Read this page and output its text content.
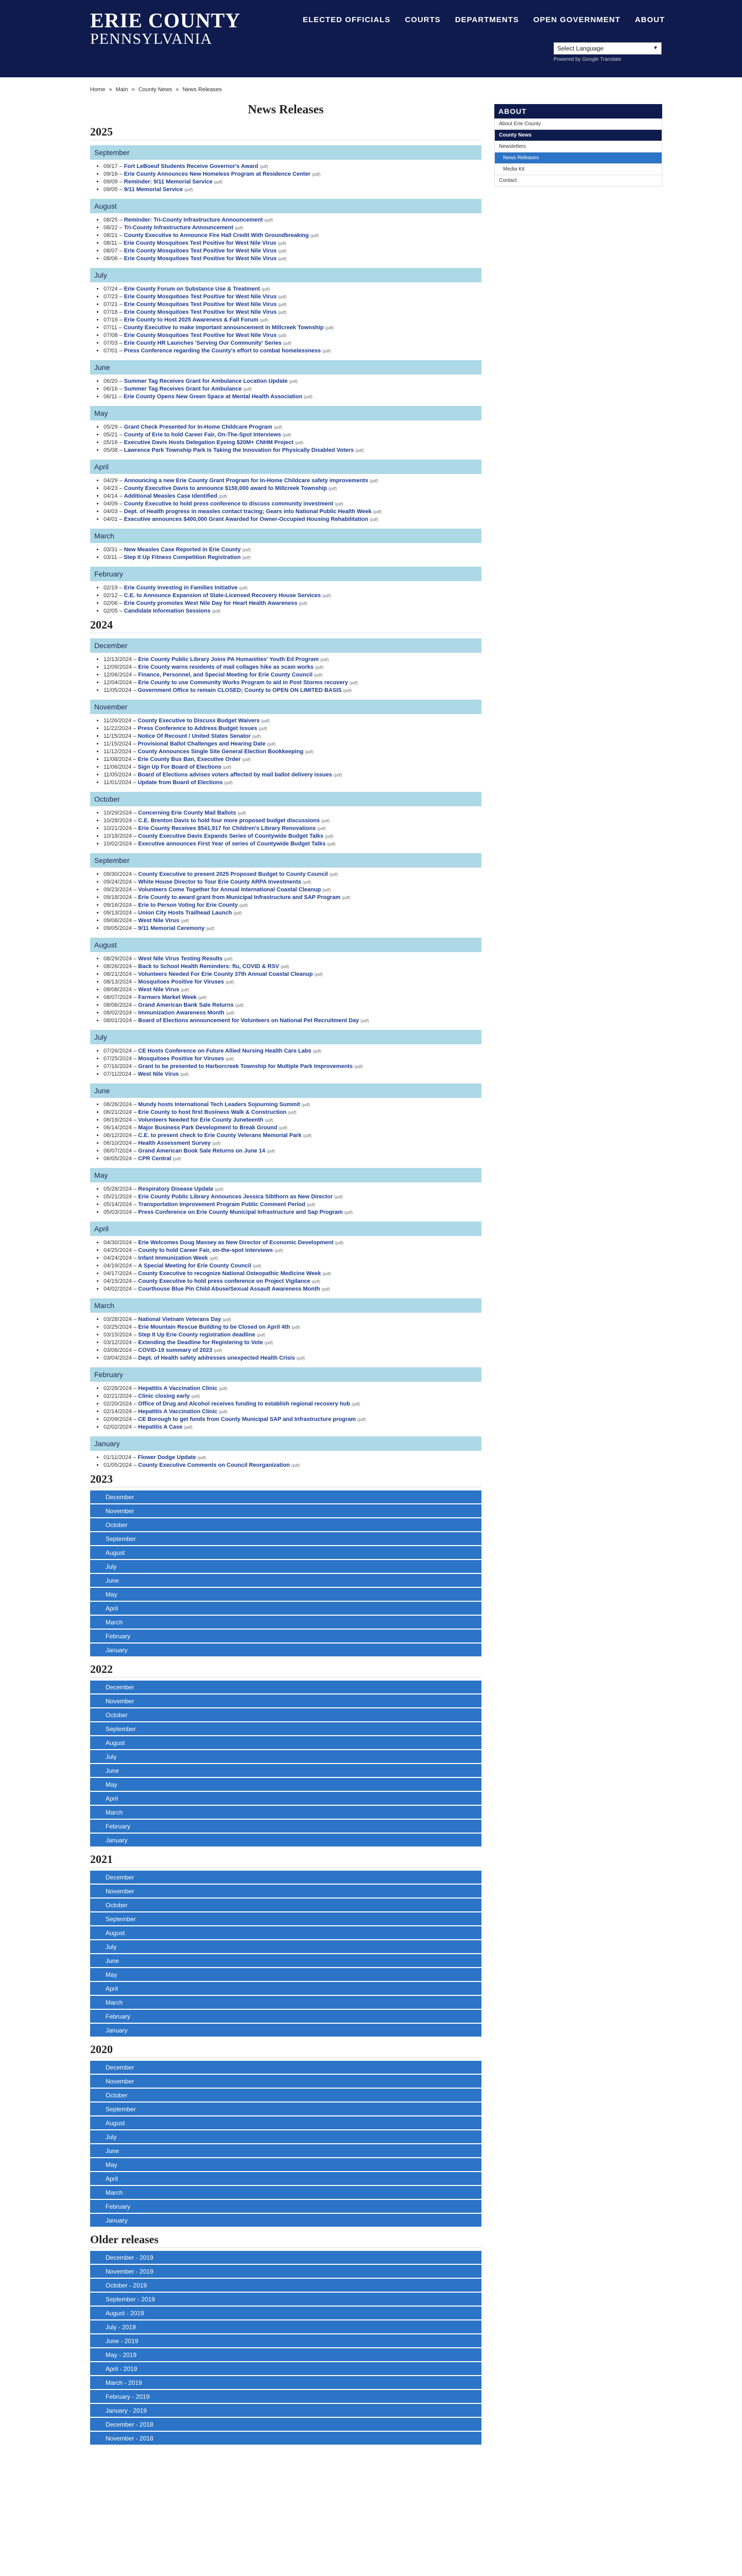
ERIE COUNTY
PENNSYLVANIA
ELECTED OFFICIALS COURTS DEPARTMENTS OPEN GOVERNMENT ABOUT
Select Language	▼
Powered by Google Translate
Home » Main » County News » News Releases
News Releases
2025
September
• 09/17 – Fort LeBoeuf Students Receive Governor's Award (pdf)
• 09/16 – Erie County Announces New Homeless Program at Residence Center (pdf)
• 09/09 – Reminder: 9/11 Memorial Service (pdf)
• 09/05 – 9/11 Memorial Service (pdf)
August
• 08/25 – Reminder: Tri-County Infrastructure Announcement (pdf)
• 08/22 – Tri-County Infrastructure Announcement (pdf)
• 08/21 – County Executive to Announce Fire Hall Credit With Groundbreaking (pdf)
• 08/11 – Erie County Mosquitoes Test Positive for West Nile Virus (pdf)
• 08/07 – Erie County Mosquitoes Test Positive for West Nile Virus (pdf)
• 08/06 – Erie County Mosquitoes Test Positive for West Nile Virus (pdf)
July
• 07/24 – Erie County Forum on Substance Use & Treatment (pdf)
• 07/23 – Erie County Mosquitoes Test Positive for West Nile Virus (pdf)
• 07/21 – Erie County Mosquitoes Test Positive for West Nile Virus (pdf)
• 07/18 – Erie County Mosquitoes Test Positive for West Nile Virus (pdf)
• 07/16 – Erie County to Host 2025 Awareness & Fall Forum (pdf)
• 07/11 – County Executive to make important announcement in Millcreek Township (pdf)
• 07/08 – Erie County Mosquitoes Test Positive for West Nile Virus (pdf)
• 07/03 – Erie County HR Launches 'Serving Our Community' Series (pdf)
• 07/01 – Press Conference regarding the County's effort to combat homelessness (pdf)
June
• 06/20 – Summer Tag Receives Grant for Ambulance Location Update (pdf)
• 06/16 – Summer Tag Receives Grant for Ambulance (pdf)
• 06/11 – Erie County Opens New Green Space at Mental Health Association (pdf)
May
• 05/29 – Grant Check Presented for In-Home Childcare Program (pdf)
• 05/21 – County of Erie to hold Career Fair, On-The-Spot Interviews (pdf)
• 05/16 – Executive Davis Hosts Delegation Eyeing $20M+ CNHM Project (pdf)
• 05/08 – Lawrence Park Township Park Is Taking the Innovation for Physically Disabled Voters (pdf)
April
• 04/29 – Announcing a new Erie County Grant Program for In-Home Childcare safety improvements (pdf)
• 04/23 – County Executive Davis to announce $150,000 award to Millcreek Township (pdf)
• 04/14 – Additional Measles Case Identified (pdf)
• 04/09 – County Executive to hold press conference to discuss community investment (pdf)
• 04/03 – Dept. of Health progress in measles contact tracing; Gears into National Public Health Week (pdf)
• 04/01 – Executive announces $400,000 Grant Awarded for Owner-Occupied Housing Rehabilitation (pdf)
March
• 03/31 – New Measles Case Reported in Erie County (pdf)
• 03/11 – Step It Up Fitness Competition Registration (pdf)
February
• 02/19 – Erie County Investing in Families Initiative (pdf)
• 02/12 – C.E. to Announce Expansion of State-Licensed Recovery House Services (pdf)
• 02/06 – Erie County promotes West Nile Day for Heart Health Awareness (pdf)
• 02/05 – Candidate Information Sessions (pdf)
2024
December
• 12/13/2024 – Erie County Public Library Joins PA Humanities' Youth Ed Program (pdf)
• 12/09/2024 – Erie County warns residents of mail collages hike as scam works (pdf)
• 12/06/2024 – Finance, Personnel, and Special Meeting for Erie County Council (pdf)
• 12/04/2024 – Erie County to use Community Works Program to aid in Post Storms recovery (pdf)
• 11/05/2024 – Government Office to remain CLOSED; County to OPEN ON LIMITED BASIS (pdf)
November
• 11/26/2024 – County Executive to Discuss Budget Waivers (pdf)
• 11/22/2024 – Press Conference to Address Budget Issues (pdf)
• 11/15/2024 – Notice Of Recount / United States Senator (pdf)
• 11/15/2024 – Provisional Ballot Challenges and Hearing Date (pdf)
• 11/12/2024 – County Announces Single Site General Election Bookkeeping (pdf)
• 11/08/2024 – Erie County Bus Ban, Executive Order (pdf)
• 11/06/2024 – Sign Up For Board of Elections (pdf)
• 11/05/2024 – Board of Elections advises voters affected by mail ballot delivery issues (pdf)
• 11/01/2024 – Update from Board of Elections (pdf)
October
• 10/29/2024 – Concerning Erie County Mail Ballots (pdf)
• 10/28/2024 – C.E. Brenton Davis to hold four more proposed budget discussions (pdf)
• 10/21/2024 – Erie County Receives $541,917 for Children's Library Renovations (pdf)
• 10/18/2024 – County Executive Davis Expands Series of Countywide Budget Talks (pdf)
• 10/02/2024 – Executive announces First Year of series of Countywide Budget Talks (pdf)
September
• 09/30/2024 – County Executive to present 2025 Proposed Budget to County Council (pdf)
• 09/24/2024 – White House Director to Tour Erie County ARPA Investments (pdf)
• 09/23/2024 – Volunteers Come Together for Annual International Coastal Cleanup (pdf)
• 09/18/2024 – Erie County to award grant from Municipal Infrastructure and SAP Program (pdf)
• 09/16/2024 – Erie to Person Voting for Erie County (pdf)
• 09/13/2024 – Union City Hosts Trailhead Launch (pdf)
• 09/06/2024 – West Nile Virus (pdf)
• 09/05/2024 – 9/11 Memorial Ceremony (pdf)
August
• 08/29/2024 – West Nile Virus Testing Results (pdf)
• 08/26/2024 – Back to School Health Reminders: flu, COVID & RSV (pdf)
• 08/21/2024 – Volunteers Needed For Erie County 37th Annual Coastal Cleanup (pdf)
• 08/13/2024 – Mosquitoes Positive for Viruses (pdf)
• 08/08/2024 – West Nile Virus (pdf)
• 08/07/2024 – Farmers Market Week (pdf)
• 08/06/2024 – Grand American Bank Sale Returns (pdf)
• 08/02/2024 – Immunization Awareness Month (pdf)
• 08/01/2024 – Board of Elections announcement for Volunteers on National Pet Recruitment Day (pdf)
July
• 07/26/2024 – CE Hosts Conference on Future Allied Nursing Health Care Labs (pdf)
• 07/25/2024 – Mosquitoes Positive for Viruses (pdf)
• 07/16/2024 – Grant to be presented to Harborcreek Township for Multiple Park Improvements (pdf)
• 07/11/2024 – West Nile Virus (pdf)
June
• 06/26/2024 – Mundy hosts International Tech Leaders Sojourning Summit (pdf)
• 06/21/2024 – Erie County to host first Business Walk & Construction (pdf)
• 06/19/2024 – Volunteers Needed for Erie County Juneteenth (pdf)
• 06/14/2024 – Major Business Park Development to Break Ground (pdf)
• 06/12/2024 – C.E. to present check to Erie County Veterans Memorial Park (pdf)
• 06/10/2024 – Health Assessment Survey (pdf)
• 06/07/2024 – Grand American Book Sale Returns on June 14 (pdf)
• 06/05/2024 – CPR Central (pdf)
May
• 05/28/2024 – Respiratory Disease Update (pdf)
• 05/21/2024 – Erie County Public Library Announces Jessica Sibthorn as New Director (pdf)
• 05/14/2024 – Transportation Improvement Program Public Comment Period (pdf)
• 05/03/2024 – Press Conference on Erie County Municipal Infrastructure and Sap Program (pdf)
April
• 04/30/2024 – Erie Welcomes Doug Massey as New Director of Economic Development (pdf)
• 04/25/2024 – County to hold Career Fair, on-the-spot interviews (pdf)
• 04/24/2024 – Infant Immunization Week (pdf)
• 04/19/2024 – A Special Meeting for Erie County Council (pdf)
• 04/17/2024 – County Executive to recognize National Osteopathic Medicine Week (pdf)
• 04/15/2024 – County Executive to hold press conference on Project Vigilance (pdf)
• 04/02/2024 – Courthouse Blue Pin Child Abuse/Sexual Assault Awareness Month (pdf)
March
• 03/28/2024 – National Vietnam Veterans Day (pdf)
• 03/25/2024 – Erie Mountain Rescue Building to be Closed on April 4th (pdf)
• 03/15/2024 – Step It Up Erie County registration deadline (pdf)
• 03/12/2024 – Extending the Deadline for Registering to Vote (pdf)
• 03/06/2024 – COVID-19 summary of 2023 (pdf)
• 03/04/2024 – Dept. of Health safety addresses unexpected Health Crisis (pdf)
February
• 02/28/2024 – Hepatitis A Vaccination Clinic (pdf)
• 02/21/2024 – Clinic closing early (pdf)
• 02/20/2024 – Office of Drug and Alcohol receives funding to establish regional recovery hub (pdf)
• 02/14/2024 – Hepatitis A Vaccination Clinic (pdf)
• 02/09/2024 – CE Borough to get funds from County Municipal SAP and Infrastructure program (pdf)
• 02/02/2024 – Hepatitis A Case (pdf)
January
• 01/11/2024 – Flower Dodge Update (pdf)
• 01/05/2024 – County Executive Comments on Council Reorganization (pdf)
2023
December
November
October
September
August
July
June
May
April
March
February
January
2022
December
November
October
September
August
July
June
May
April
March
February
January
2021
December
November
October
September
August
July
June
May
April
March
February
January
2020
December
November
October
September
August
July
June
May
April
March
February
January
Older releases
December - 2019
November - 2019
October - 2019
September - 2019
August - 2019
July - 2019
June - 2019
May - 2019
April - 2019
March - 2019
February - 2019
January - 2019
December - 2018
November - 2018
ABOUT
About Erie County
County News
Newsletters
News Releases
Media Kit
Contact
